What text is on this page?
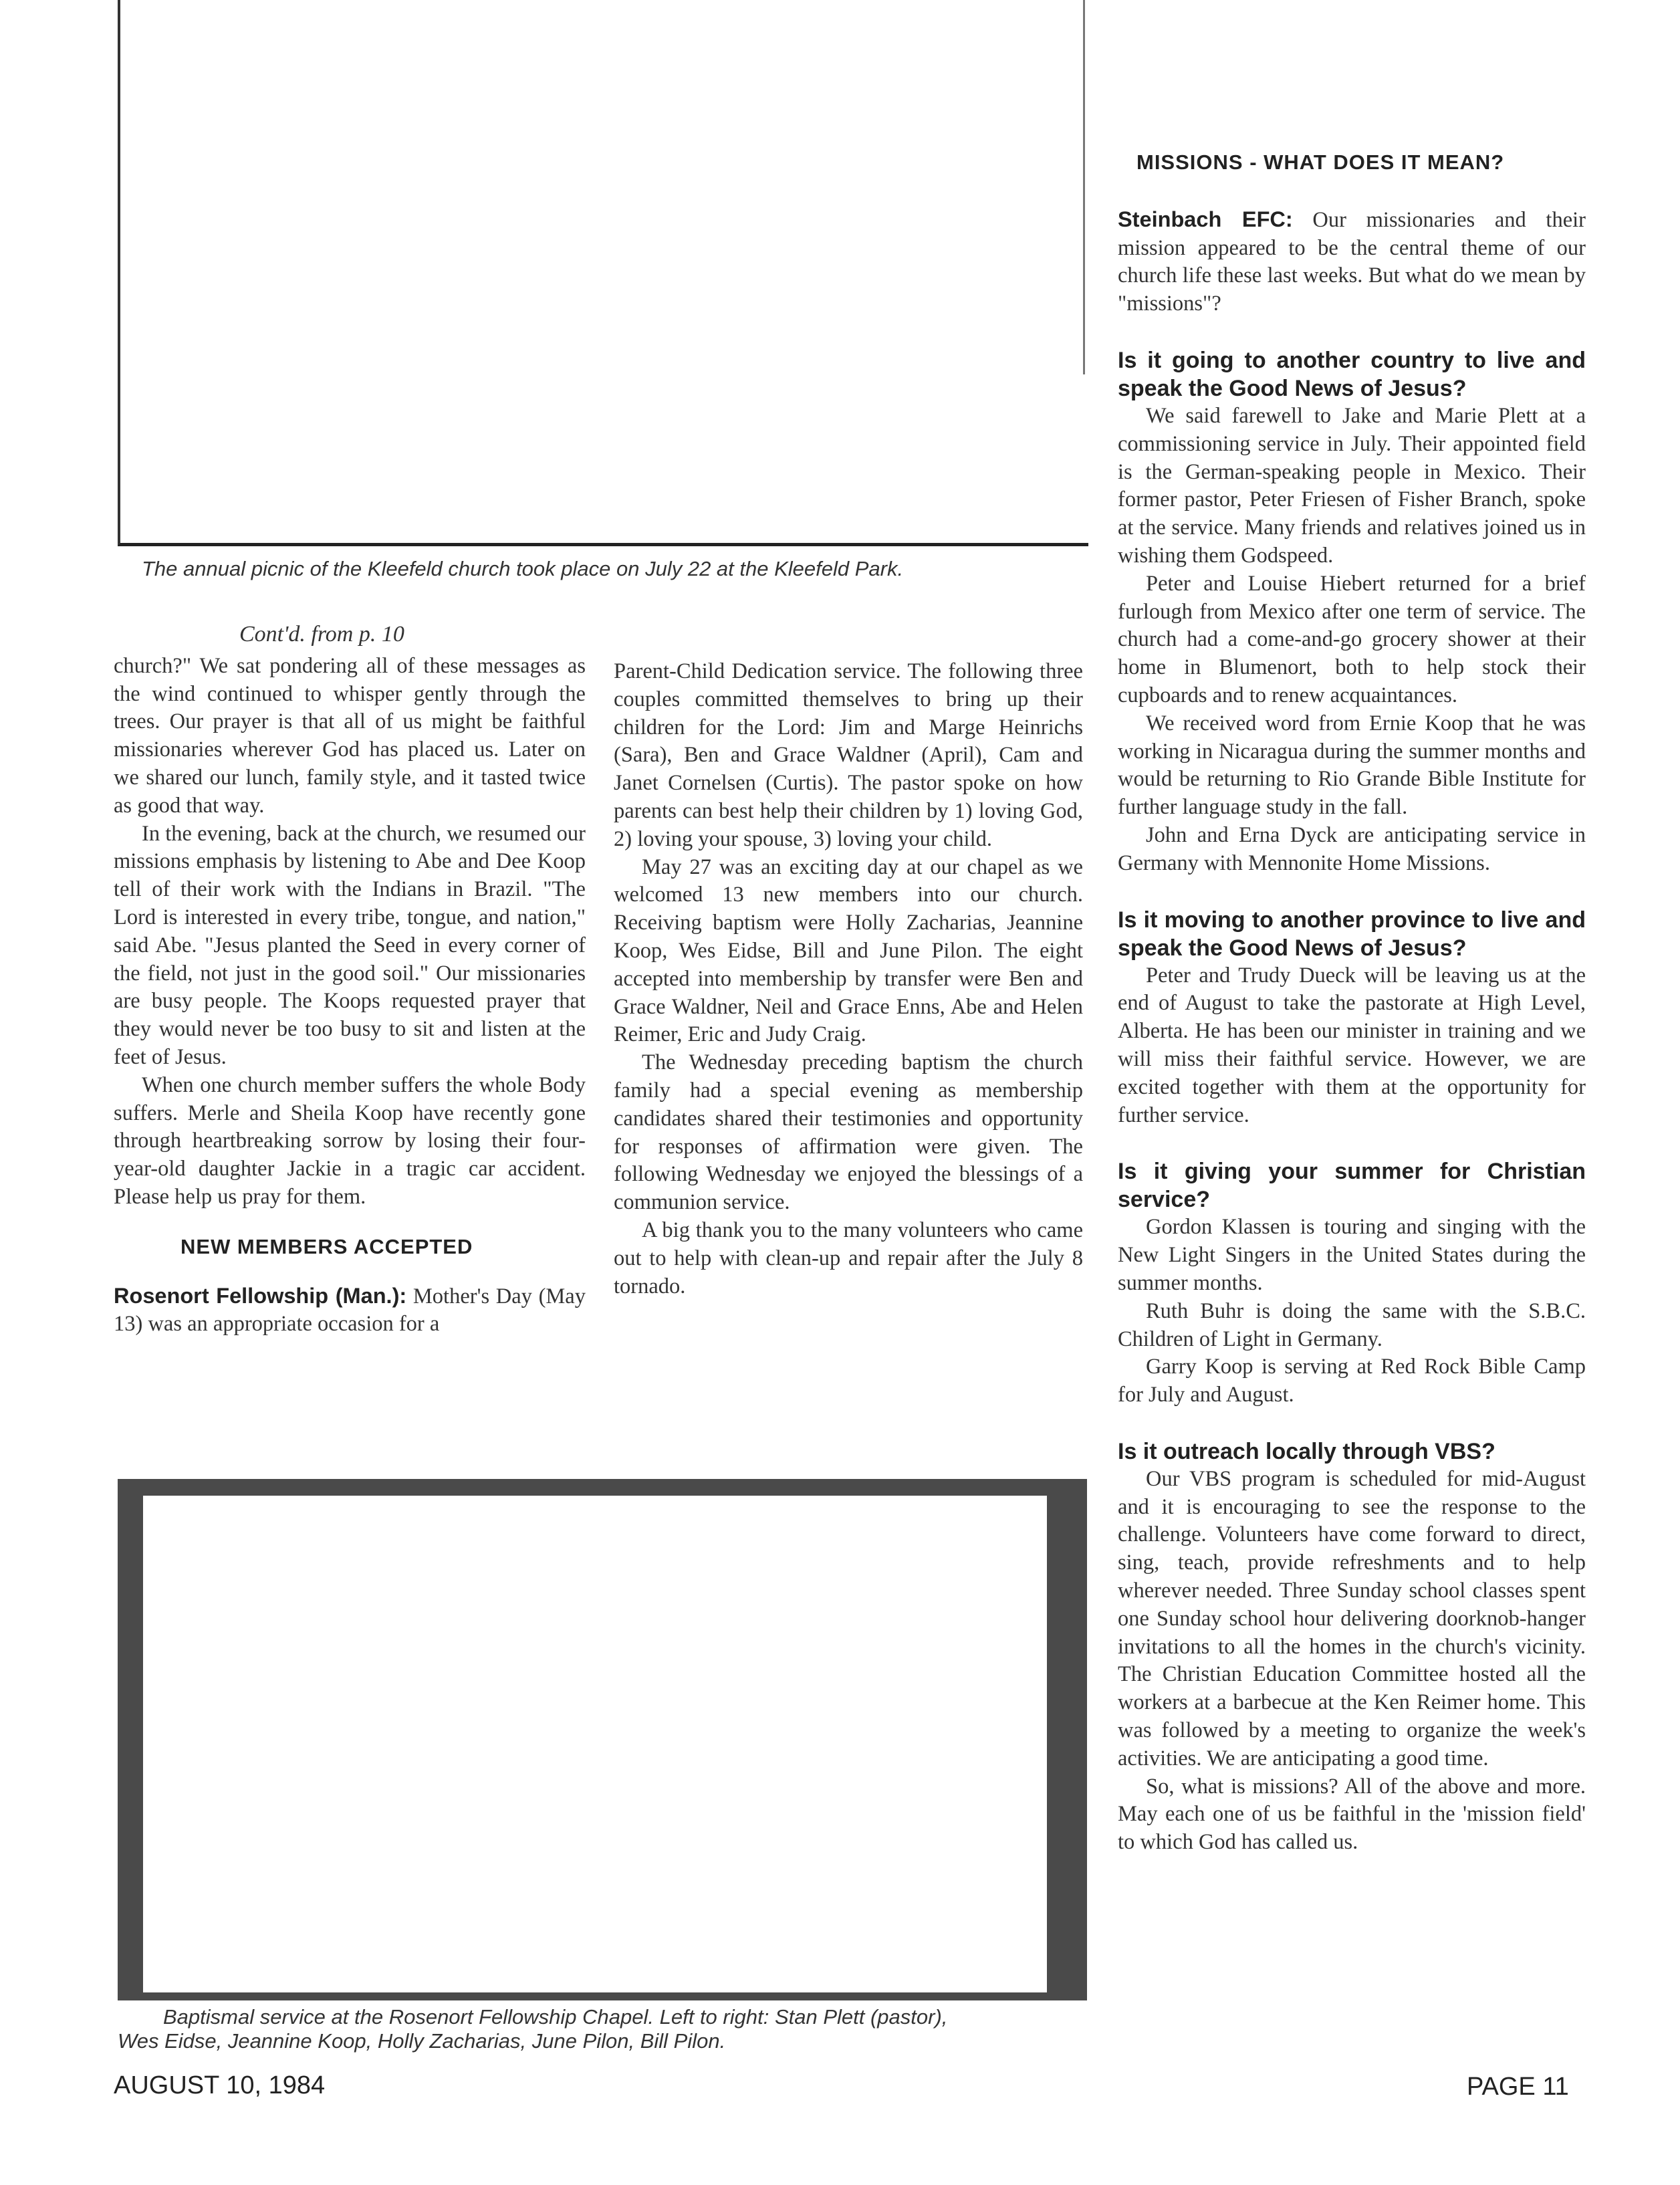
The annual picnic of the Kleefeld church took place on July 22 at the Kleefeld Park.

Cont'd. from p. 10

church?" We sat pondering all of these messages as the wind continued to whisper gently through the trees. Our prayer is that all of us might be faithful missionaries wherever God has placed us. Later on we shared our lunch, family style, and it tasted twice as good that way.

In the evening, back at the church, we resumed our missions emphasis by listening to Abe and Dee Koop tell of their work with the Indians in Brazil. "The Lord is interested in every tribe, tongue, and nation," said Abe. "Jesus planted the Seed in every corner of the field, not just in the good soil." Our missionaries are busy people. The Koops requested prayer that they would never be too busy to sit and listen at the feet of Jesus.

When one church member suffers the whole Body suffers. Merle and Sheila Koop have recently gone through heartbreaking sorrow by losing their four-year-old daughter Jackie in a tragic car accident. Please help us pray for them.

NEW MEMBERS ACCEPTED

Rosenort Fellowship (Man.): Mother's Day (May 13) was an appropriate occasion for a

Parent-Child Dedication service. The following three couples committed themselves to bring up their children for the Lord: Jim and Marge Heinrichs (Sara), Ben and Grace Waldner (April), Cam and Janet Cornelsen (Curtis). The pastor spoke on how parents can best help their children by 1) loving God, 2) loving your spouse, 3) loving your child.

May 27 was an exciting day at our chapel as we welcomed 13 new members into our church. Receiving baptism were Holly Zacharias, Jeannine Koop, Wes Eidse, Bill and June Pilon. The eight accepted into membership by transfer were Ben and Grace Waldner, Neil and Grace Enns, Abe and Helen Reimer, Eric and Judy Craig.

The Wednesday preceding baptism the church family had a special evening as membership candidates shared their testimonies and opportunity for responses of affirmation were given. The following Wednesday we enjoyed the blessings of a communion service.

A big thank you to the many volunteers who came out to help with clean-up and repair after the July 8 tornado.

Baptismal service at the Rosenort Fellowship Chapel. Left to right: Stan Plett (pastor),
Wes Eidse, Jeannine Koop, Holly Zacharias, June Pilon, Bill Pilon.

MISSIONS - WHAT DOES IT MEAN?

Steinbach EFC: Our missionaries and their mission appeared to be the central theme of our church life these last weeks. But what do we mean by "missions"?

Is it going to another country to live and speak the Good News of Jesus?

We said farewell to Jake and Marie Plett at a commissioning service in July. Their appointed field is the German-speaking people in Mexico. Their former pastor, Peter Friesen of Fisher Branch, spoke at the service. Many friends and relatives joined us in wishing them Godspeed.

Peter and Louise Hiebert returned for a brief furlough from Mexico after one term of service. The church had a come-and-go grocery shower at their home in Blumenort, both to help stock their cupboards and to renew acquaintances.

We received word from Ernie Koop that he was working in Nicaragua during the summer months and would be returning to Rio Grande Bible Institute for further language study in the fall.

John and Erna Dyck are anticipating service in Germany with Mennonite Home Missions.

Is it moving to another province to live and speak the Good News of Jesus?

Peter and Trudy Dueck will be leaving us at the end of August to take the pastorate at High Level, Alberta. He has been our minister in training and we will miss their faithful service. However, we are excited together with them at the opportunity for further service.

Is it giving your summer for Christian service?

Gordon Klassen is touring and singing with the New Light Singers in the United States during the summer months.

Ruth Buhr is doing the same with the S.B.C. Children of Light in Germany.

Garry Koop is serving at Red Rock Bible Camp for July and August.

Is it outreach locally through VBS?

Our VBS program is scheduled for mid-August and it is encouraging to see the response to the challenge. Volunteers have come forward to direct, sing, teach, provide refreshments and to help wherever needed. Three Sunday school classes spent one Sunday school hour delivering doorknob-hanger invitations to all the homes in the church's vicinity. The Christian Education Committee hosted all the workers at a barbecue at the Ken Reimer home. This was followed by a meeting to organize the week's activities. We are anticipating a good time.

So, what is missions? All of the above and more. May each one of us be faithful in the 'mission field' to which God has called us.

AUGUST 10, 1984	PAGE 11
